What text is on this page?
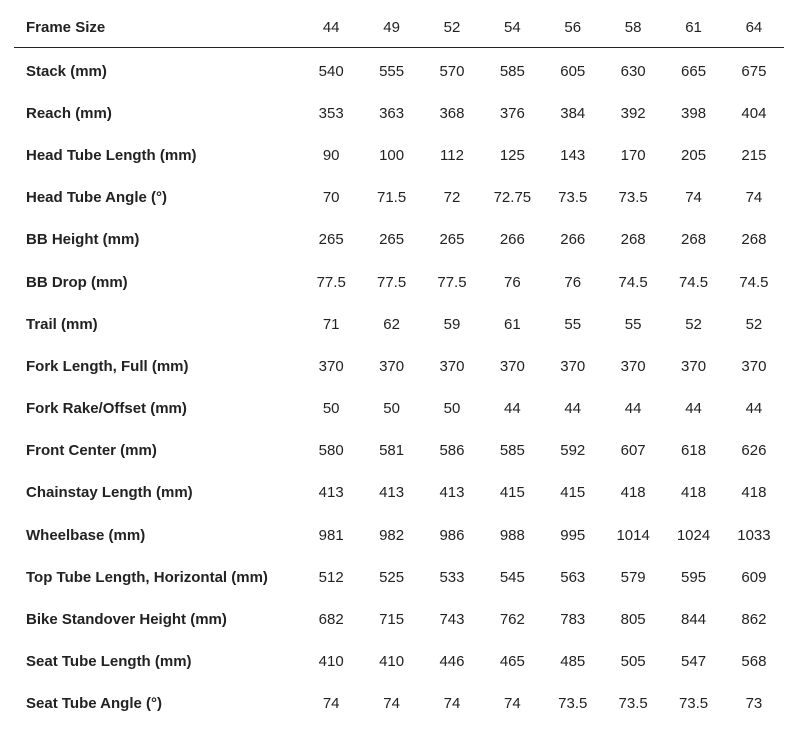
Frame Size	44	49	52	54	56	58	61	64
Stack (mm)	540	555	570	585	605	630	665	675
Reach (mm)	353	363	368	376	384	392	398	404
Head Tube Length (mm)	90	100	112	125	143	170	205	215
Head Tube Angle (°)	70	71.5	72	72.75	73.5	73.5	74	74
BB Height (mm)	265	265	265	266	266	268	268	268
BB Drop (mm)	77.5	77.5	77.5	76	76	74.5	74.5	74.5
Trail (mm)	71	62	59	61	55	55	52	52
Fork Length, Full (mm)	370	370	370	370	370	370	370	370
Fork Rake/Offset (mm)	50	50	50	44	44	44	44	44
Front Center (mm)	580	581	586	585	592	607	618	626
Chainstay Length (mm)	413	413	413	415	415	418	418	418
Wheelbase (mm)	981	982	986	988	995	1014	1024	1033
Top Tube Length, Horizontal (mm)	512	525	533	545	563	579	595	609
Bike Standover Height (mm)	682	715	743	762	783	805	844	862
Seat Tube Length (mm)	410	410	446	465	485	505	547	568
Seat Tube Angle (°)	74	74	74	74	73.5	73.5	73.5	73
